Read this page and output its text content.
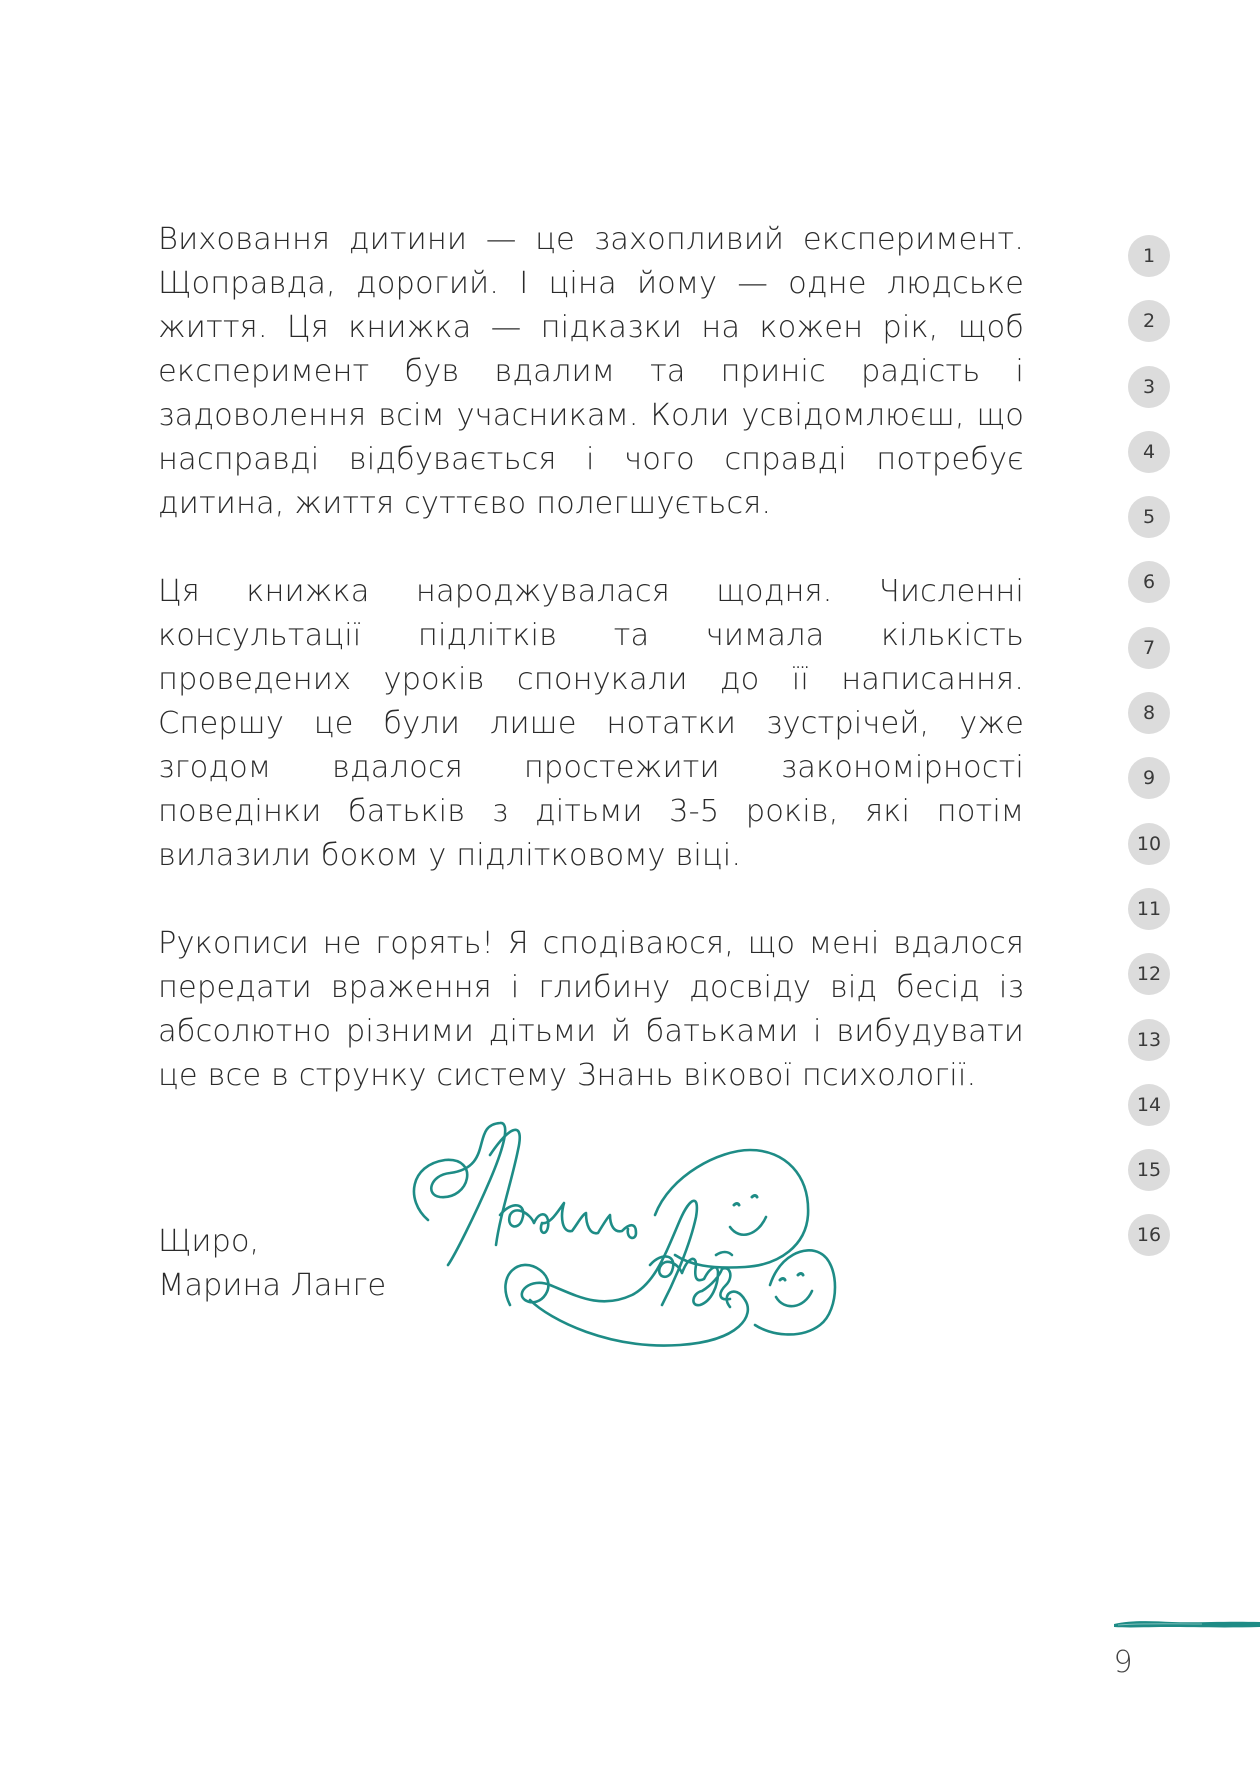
Виховання дитини — це захопливий експеримент. Щоправда, дорогий. І ціна йому — одне людське життя. Ця книжка — підказки на кожен рік, щоб експеримент був вдалим та приніс радість і задоволення всім учасникам. Коли усвідомлюєш, що насправді відбувається і чого справді потребує дитина, життя суттєво полегшується.

Ця книжка народжувалася щодня. Численні консультації підлітків та чимала кількість проведених уроків спонукали до її написання. Спершу це були лише нотатки зустрічей, уже згодом вдалося простежити закономірності поведінки батьків з дітьми 3-5 років, які потім вилазили боком у підлітковому віці.

Рукописи не горять! Я сподіваюся, що мені вдалося передати враження і глибину досвіду від бесід із абсолютно різними дітьми й батьками і вибудувати це все в струнку систему Знань вікової психології.

Щиро,
Марина Ланге
1
2
3
4
5
6
7
8
9
10
11
12
13
14
15
16
9
